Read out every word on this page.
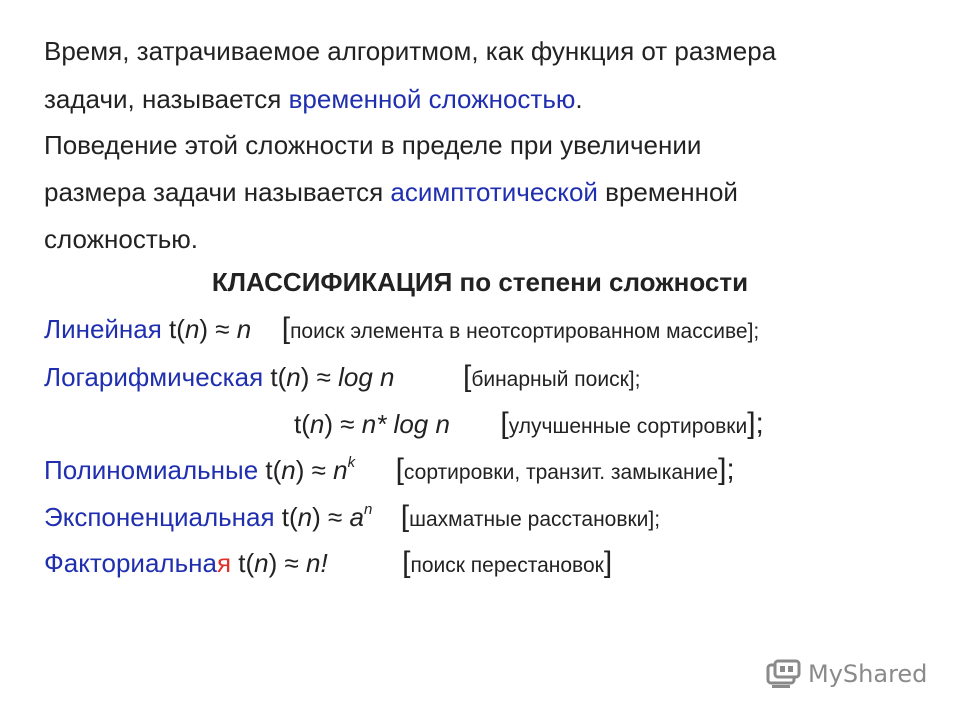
Время, затрачиваемое алгоритмом, как функция от размера
задачи, называется временной сложностью.
Поведение этой сложности в пределе при увеличении
размера задачи называется асимптотической временной
сложностью.
КЛАССИФИКАЦИЯ по степени сложности
Линейная t(n) ≈ n [поиск элемента в неотсортированном массиве];
Логарифмическая t(n) ≈ log n [бинарный поиск];
t(n) ≈ n* log n [улучшенные сортировки];
Полиномиальные $t(n) \approx n^k$ [сортировки, транзит. замыкание];
Экспоненциальная $t(n) \approx a^n$ [шахматные расстановки];
Факториальная t(n) ≈ n! [поиск перестановок]
MyShared
